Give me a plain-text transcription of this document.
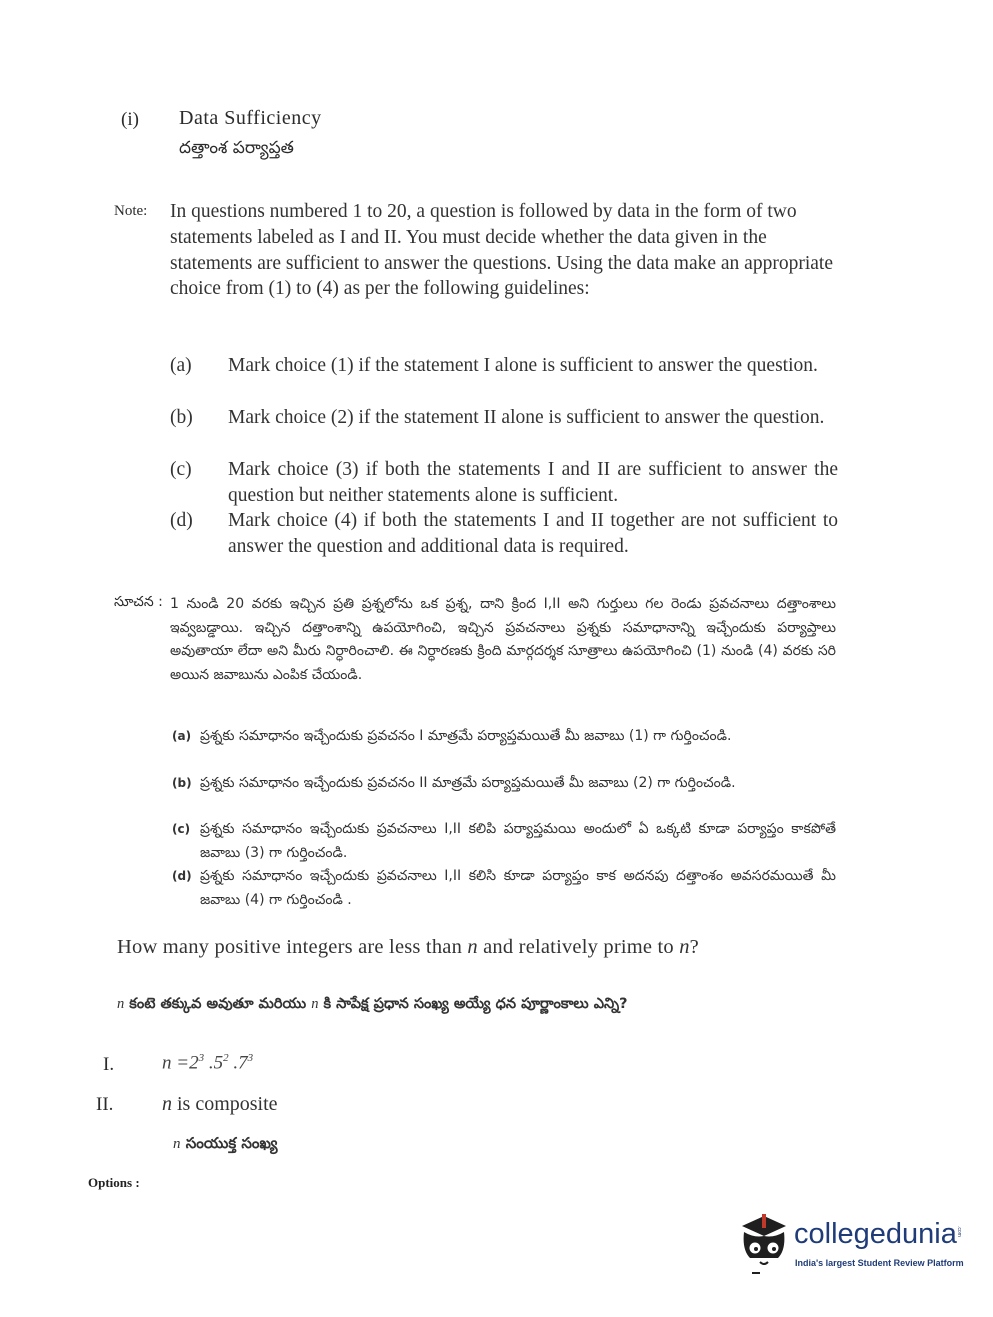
(i) Data Sufficiency
దత్తాంశ పర్యాప్తత
Note: In questions numbered 1 to 20, a question is followed by data in the form of two statements labeled as I and II. You must decide whether the data given in the statements are sufficient to answer the questions. Using the data make an appropriate choice from (1) to (4) as per the following guidelines:
(a)	Mark choice (1) if the statement I alone is sufficient to answer the question.
(b)	Mark choice (2) if the statement II alone is sufficient to answer the question.
(c)	Mark choice (3) if both the statements I and II are sufficient to answer the question but neither statements alone is sufficient.
(d)	Mark choice (4) if both the statements I and II together are not sufficient to answer the question and additional data is required.
సూచన : 1 నుండి 20 వరకు ఇచ్చిన ప్రతి ప్రశ్నలోను ఒక ప్రశ్న, దాని క్రింద I,II అని గుర్తులు గల రెండు ప్రవచనాలు దత్తాంశాలు ఇవ్వబడ్డాయి. ఇచ్చిన దత్తాంశాన్ని ఉపయోగించి, ఇచ్చిన ప్రవచనాలు ప్రశ్నకు సమాధానాన్ని ఇచ్చేందుకు పర్యాప్తాలు అవుతాయా లేదా అని మీరు నిర్ధారించాలి. ఈ నిర్ధారణకు క్రింది మార్గదర్శక సూత్రాలు ఉపయోగించి (1) నుండి (4) వరకు సరి అయిన జవాబును ఎంపిక చేయండి.
(a) ప్రశ్నకు సమాధానం ఇచ్చేందుకు ప్రవచనం I మాత్రమే పర్యాప్తమయితే మీ జవాబు (1) గా గుర్తించండి.
(b) ప్రశ్నకు సమాధానం ఇచ్చేందుకు ప్రవచనం II మాత్రమే పర్యాప్తమయితే మీ జవాబు (2) గా గుర్తించండి.
(c) ప్రశ్నకు సమాధానం ఇచ్చేందుకు ప్రవచనాలు I,II కలిపి పర్యాప్తమయి అందులో ఏ ఒక్కటి కూడా పర్యాప్తం కాకపోతే జవాబు (3) గా గుర్తించండి.
(d) ప్రశ్నకు సమాధానం ఇచ్చేందుకు ప్రవచనాలు I,II కలిసి కూడా పర్యాప్తం కాక అదనపు దత్తాంశం అవసరమయితే మీ జవాబు (4) గా గుర్తించండి .
How many positive integers are less than n and relatively prime to n?
n కంటె తక్కువ అవుతూ మరియు n కి సాపేక్ష ప్రధాన సంఖ్య అయ్యే ధన పూర్ణాంకాలు ఎన్ని?
I.	$n =2^3$ $.5^2$ $.7^3$
II. n is composite
n సంయుక్త సంఖ్య
Options :
collegedunia .com
India's largest Student Review Platform
